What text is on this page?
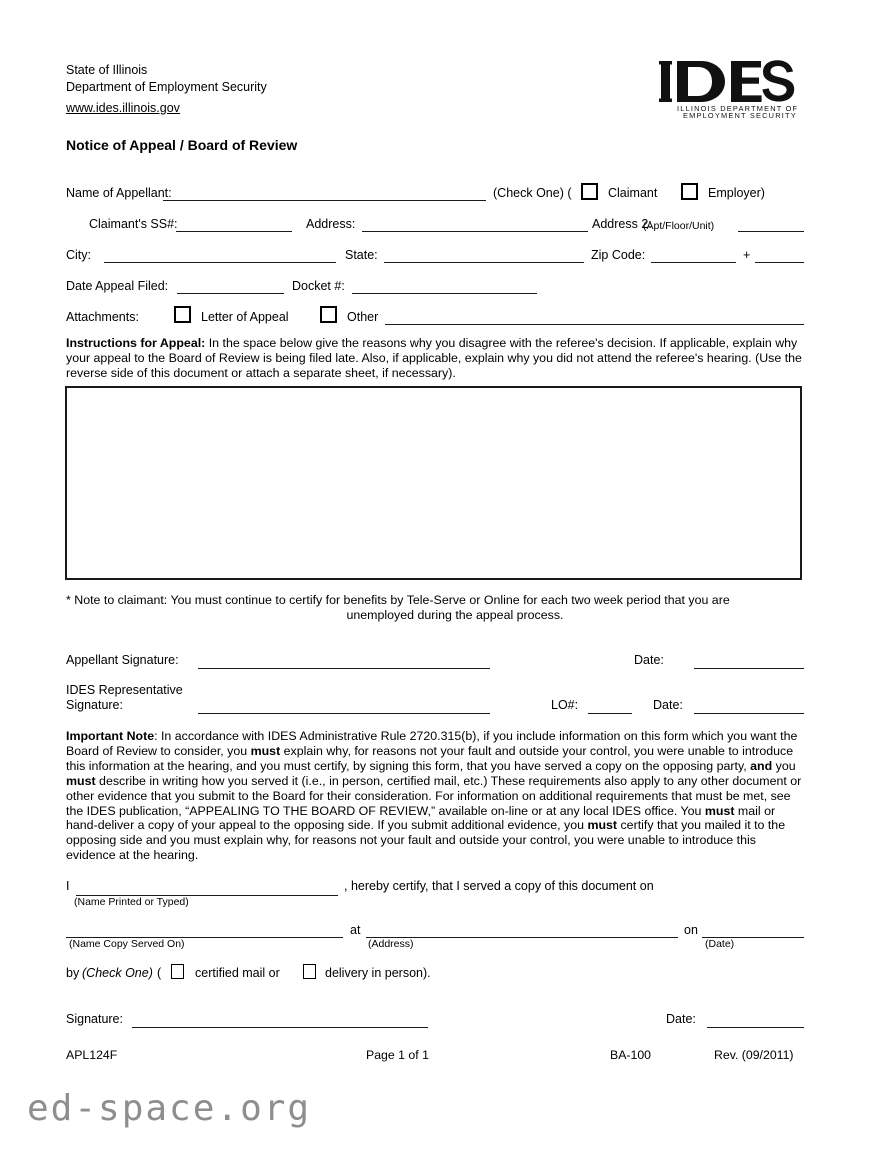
State of Illinois
Department of Employment Security
www.ides.illinois.gov
Notice of Appeal / Board of Review
ILLINOIS DEPARTMENT OF
EMPLOYMENT SECURITY
Name of Appellant:	(Check One) (	Claimant	Employer)
Claimant's SS#:	Address:	Address 2:
(Apt/Floor/Unit)
City:	State:	Zip Code:	+
Date Appeal Filed:	Docket #:
Attachments:	Letter of Appeal	Other
Instructions for Appeal: In the space below give the reasons why you disagree with the referee's decision. If applicable, explain why your appeal to the Board of Review is being filed late. Also, if applicable, explain why you did not attend the referee's hearing. (Use the reverse side of this document or attach a separate sheet, if necessary).
* Note to claimant: You must continue to certify for benefits by Tele-Serve or Online for each two week period that you are
unemployed during the appeal process.
Appellant Signature:	Date:
IDES Representative
Signature:	LO#:	Date:
Important Note: In accordance with IDES Administrative Rule 2720.315(b), if you include information on this form which you want the Board of Review to consider, you must explain why, for reasons not your fault and outside your control, you were unable to introduce this information at the hearing, and you must certify, by signing this form, that you have served a copy on the opposing party, and you must describe in writing how you served it (i.e., in person, certified mail, etc.) These requirements also apply to any other document or other evidence that you submit to the Board for their consideration. For information on additional requirements that must be met, see the IDES publication, “APPEALING TO THE BOARD OF REVIEW,” available on-line or at any local IDES office. You must mail or hand-deliver a copy of your appeal to the opposing side. If you submit additional evidence, you must certify that you mailed it to the opposing side and you must explain why, for reasons not your fault and outside your control, you were unable to introduce this evidence at the hearing.
I
(Name Printed or Typed)
, hereby certify, that I served a copy of this document on
(Name Copy Served On)
at
(Address)
on
(Date)
by (Check One) (	certified mail or	delivery in person).
Signature:	Date:
APL124F	Page 1 of 1	BA-100	Rev. (09/2011)
ed-space.org
